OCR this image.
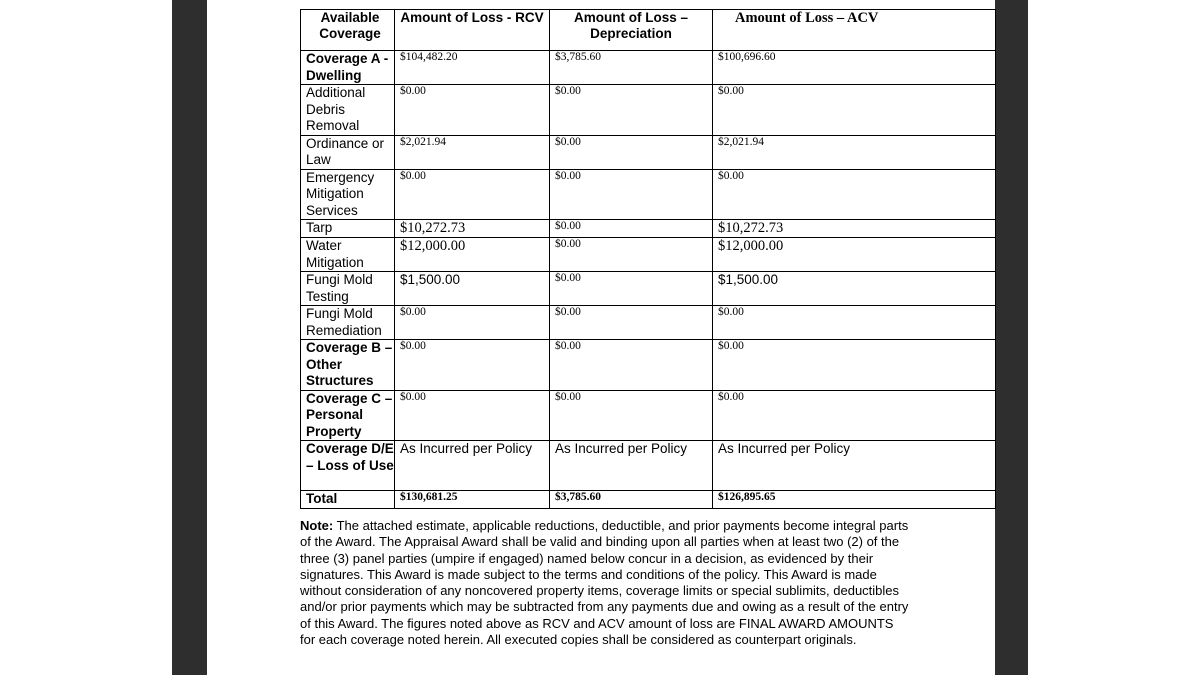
Available Coverage	Amount of Loss - RCV	Amount of Loss – Depreciation	Amount of Loss – ACV
Coverage A - Dwelling	$104,482.20	$3,785.60	$100,696.60
Additional Debris Removal	$0.00	$0.00	$0.00
Ordinance or Law	$2,021.94	$0.00	$2,021.94
Emergency Mitigation Services	$0.00	$0.00	$0.00
Tarp	$10,272.73	$0.00	$10,272.73
Water Mitigation	$12,000.00	$0.00	$12,000.00
Fungi Mold Testing	$1,500.00	$0.00	$1,500.00
Fungi Mold Remediation	$0.00	$0.00	$0.00
Coverage B – Other Structures	$0.00	$0.00	$0.00
Coverage C – Personal Property	$0.00	$0.00	$0.00
Coverage D/E – Loss of Use	As Incurred per Policy	As Incurred per Policy	As Incurred per Policy
Total	$130,681.25	$3,785.60	$126,895.65
Note: The attached estimate, applicable reductions, deductible, and prior payments become integral parts of the Award. The Appraisal Award shall be valid and binding upon all parties when at least two (2) of the three (3) panel parties (umpire if engaged) named below concur in a decision, as evidenced by their signatures. This Award is made subject to the terms and conditions of the policy. This Award is made without consideration of any noncovered property items, coverage limits or special sublimits, deductibles and/or prior payments which may be subtracted from any payments due and owing as a result of the entry of this Award. The figures noted above as RCV and ACV amount of loss are FINAL AWARD AMOUNTS for each coverage noted herein. All executed copies shall be considered as counterpart originals.
